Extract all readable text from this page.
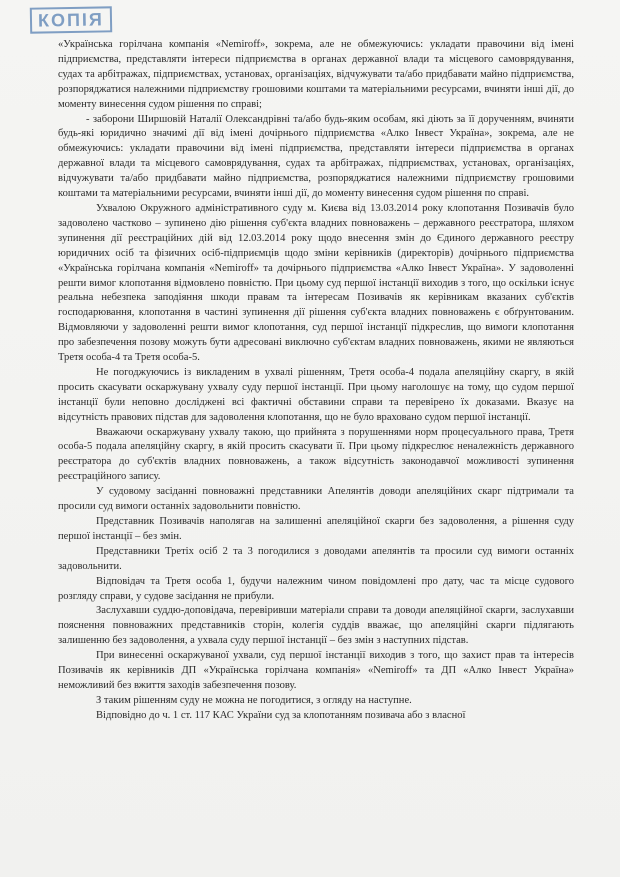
КОПІЯ

«Українська горілчана компанія «Nemiroff», зокрема, але не обмежуючись: укладати правочини від імені підприємства, представляти інтереси підприємства в органах державної влади та місцевого самоврядування, судах та арбітражах, підприємствах, установах, організаціях, відчужувати та/або придбавати майно підприємства, розпоряджатися належними підприємству грошовими коштами та матеріальними ресурсами, вчиняти інші дії, до моменту винесення судом рішення по справі;

- заборони Ширшовій Наталії Олександрівні та/або будь-яким особам, які діють за її дорученням, вчиняти будь-які юридично значимі дії від імені дочірнього підприємства «Алко Інвест Україна», зокрема, але не обмежуючись: укладати правочини від імені підприємства, представляти інтереси підприємства в органах державної влади та місцевого самоврядування, судах та арбітражах, підприємствах, установах, організаціях, відчужувати та/або придбавати майно підприємства, розпоряджатися належними підприємству грошовими коштами та матеріальними ресурсами, вчиняти інші дії, до моменту винесення судом рішення по справі.

Ухвалою Окружного адміністративного суду м. Києва від 13.03.2014 року клопотання Позивачів було задоволено частково – зупинено дію рішення суб'єкта владних повноважень – державного реєстратора, шляхом зупинення дії реєстраційних дій від 12.03.2014 року щодо внесення змін до Єдиного державного реєстру юридичних осіб та фізичних осіб-підприємців щодо зміни керівників (директорів) дочірнього підприємства «Українська горілчана компанія «Nemiroff» та дочірнього підприємства «Алко Інвест Україна». У задоволенні решти вимог клопотання відмовлено повністю. При цьому суд першої інстанції виходив з того, що оскільки існує реальна небезпека заподіяння шкоди правам та інтересам Позивачів як керівникам вказаних суб'єктів господарювання, клопотання в частині зупинення дії рішення суб'єкта владних повноважень є обґрунтованим. Відмовляючи у задоволенні решти вимог клопотання, суд першої інстанції підкреслив, що вимоги клопотання про забезпечення позову можуть бути адресовані виключно суб'єктам владних повноважень, якими не являються Третя особа-4 та Третя особа-5.

Не погоджуючись із викладеним в ухвалі рішенням, Третя особа-4 подала апеляційну скаргу, в якій просить скасувати оскаржувану ухвалу суду першої інстанції. При цьому наголошує на тому, що судом першої інстанції були неповно досліджені всі фактичні обставини справи та перевірено їх доказами. Вказує на відсутність правових підстав для задоволення клопотання, що не було враховано судом першої інстанції.

Вважаючи оскаржувану ухвалу такою, що прийнята з порушеннями норм процесуального права, Третя особа-5 подала апеляційну скаргу, в якій просить скасувати її. При цьому підкреслює неналежність державного реєстратора до суб'єктів владних повноважень, а також відсутність законодавчої можливості зупинення реєстраційного запису.

У судовому засіданні повноважні представники Апелянтів доводи апеляційних скарг підтримали та просили суд вимоги останніх задовольнити повністю.

Представник Позивачів наполягав на залишенні апеляційної скарги без задоволення, а рішення суду першої інстанції – без змін.

Представники Третіх осіб 2 та 3 погодилися з доводами апелянтів та просили суд вимоги останніх задовольнити.

Відповідач та Третя особа 1, будучи належним чином повідомлені про дату, час та місце судового розгляду справи, у судове засідання не прибули.

Заслухавши суддю-доповідача, перевіривши матеріали справи та доводи апеляційної скарги, заслухавши пояснення повноважних представників сторін, колегія суддів вважає, що апеляційні скарги підлягають залишенню без задоволення, а ухвала суду першої інстанції – без змін з наступних підстав.

При винесенні оскаржуваної ухвали, суд першої інстанції виходив з того, що захист прав та інтересів Позивачів як керівників ДП «Українська горілчана компанія» «Nemiroff» та ДП «Алко Інвест Україна» неможливий без вжиття заходів забезпечення позову.

З таким рішенням суду не можна не погодитися, з огляду на наступне.

Відповідно до ч. 1 ст. 117 КАС України суд за клопотанням позивача або з власної
